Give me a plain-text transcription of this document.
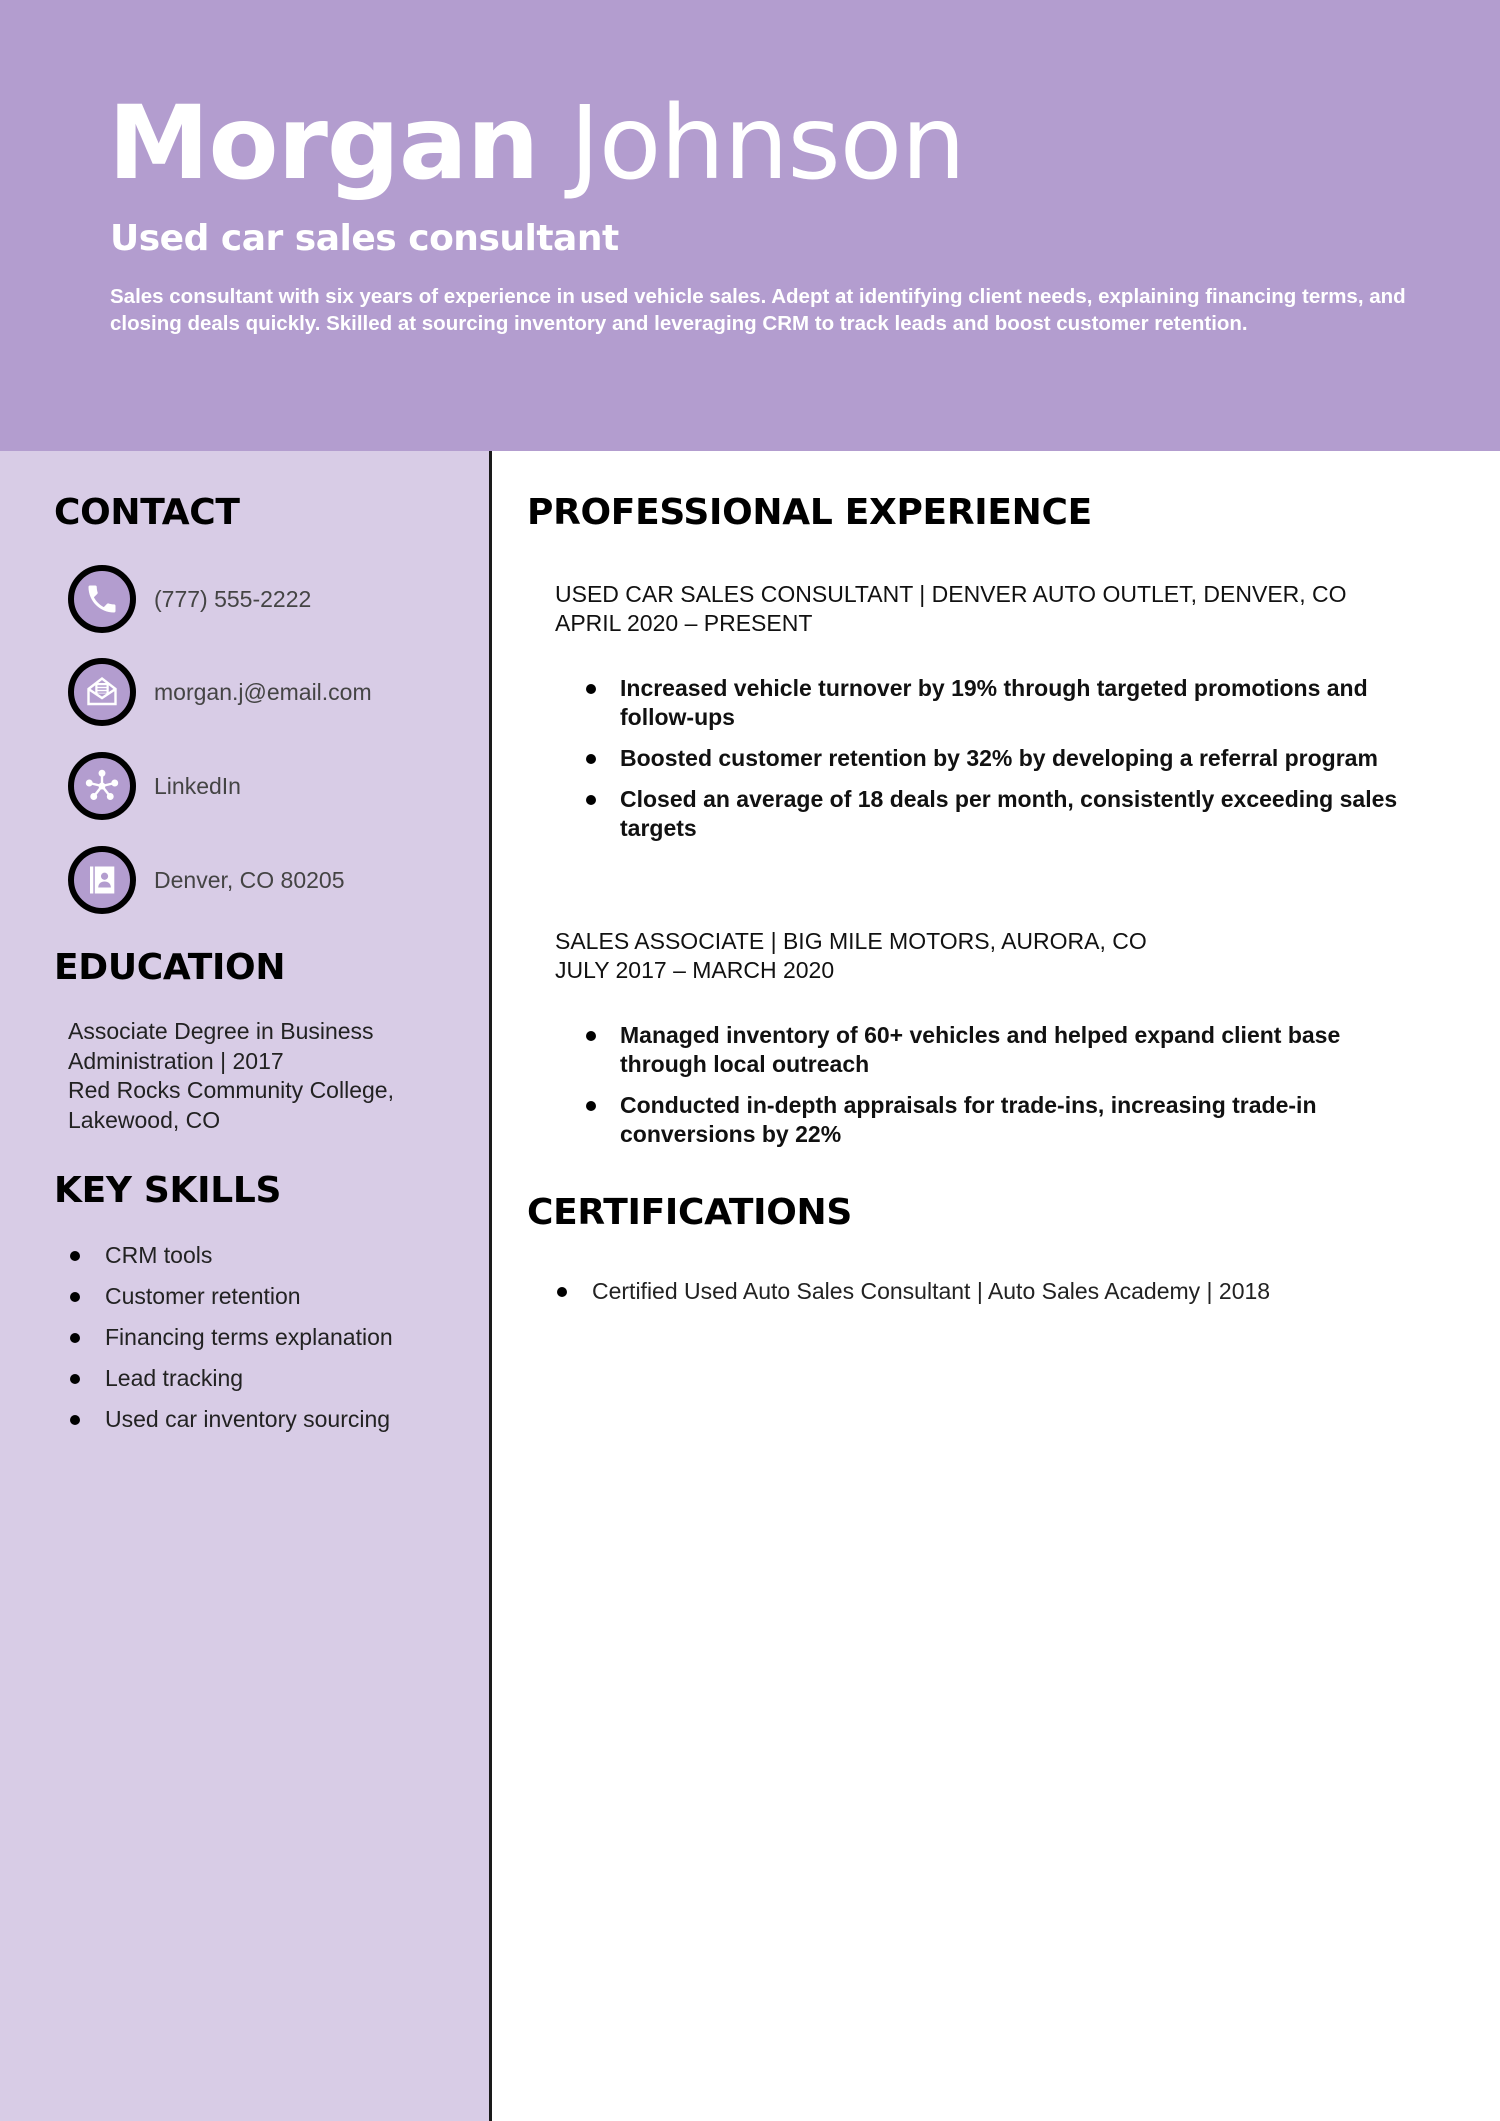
Morgan Johnson
Used car sales consultant
Sales consultant with six years of experience in used vehicle sales. Adept at identifying client needs, explaining financing terms, and closing deals quickly. Skilled at sourcing inventory and leveraging CRM to track leads and boost customer retention.
CONTACT
(777) 555-2222
morgan.j@email.com
LinkedIn
Denver, CO 80205
EDUCATION
Associate Degree in Business
Administration | 2017
Red Rocks Community College,
Lakewood, CO
KEY SKILLS
CRM tools
Customer retention
Financing terms explanation
Lead tracking
Used car inventory sourcing
PROFESSIONAL EXPERIENCE
USED CAR SALES CONSULTANT | DENVER AUTO OUTLET, DENVER, CO
APRIL 2020 – PRESENT
Increased vehicle turnover by 19% through targeted promotions and follow-ups
Boosted customer retention by 32% by developing a referral program
Closed an average of 18 deals per month, consistently exceeding sales targets
SALES ASSOCIATE | BIG MILE MOTORS, AURORA, CO
JULY 2017 – MARCH 2020
Managed inventory of 60+ vehicles and helped expand client base through local outreach
Conducted in-depth appraisals for trade-ins, increasing trade-in conversions by 22%
CERTIFICATIONS
Certified Used Auto Sales Consultant | Auto Sales Academy | 2018
